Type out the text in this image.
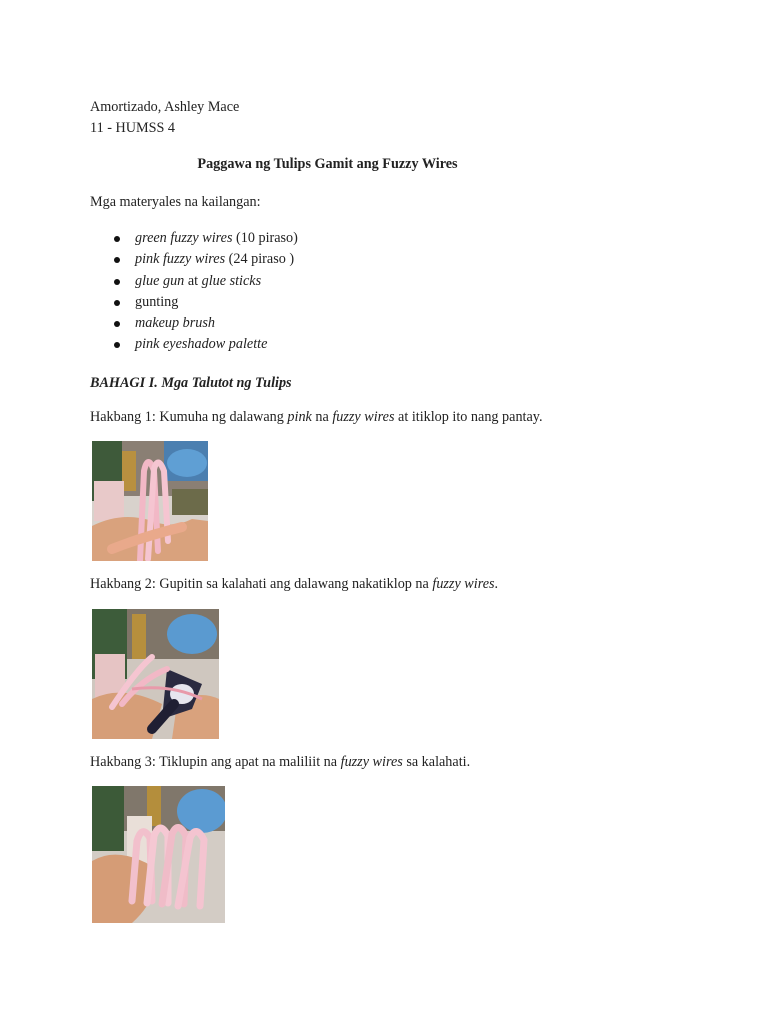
Amortizado, Ashley Mace

11 - HUMSS 4

Paggawa ng Tulips Gamit ang Fuzzy Wires

Mga materyales na kailangan:

green fuzzy wires (10 piraso)
pink fuzzy wires (24 piraso )
glue gun at glue sticks
gunting
makeup brush
pink eyeshadow palette

BAHAGI I. Mga Talutot ng Tulips

Hakbang 1: Kumuha ng dalawang pink na fuzzy wires at itiklop ito nang pantay.

Hakbang 2: Gupitin sa kalahati ang dalawang nakatiklop na fuzzy wires.

Hakbang 3: Tiklupin ang apat na maliliit na fuzzy wires sa kalahati.
